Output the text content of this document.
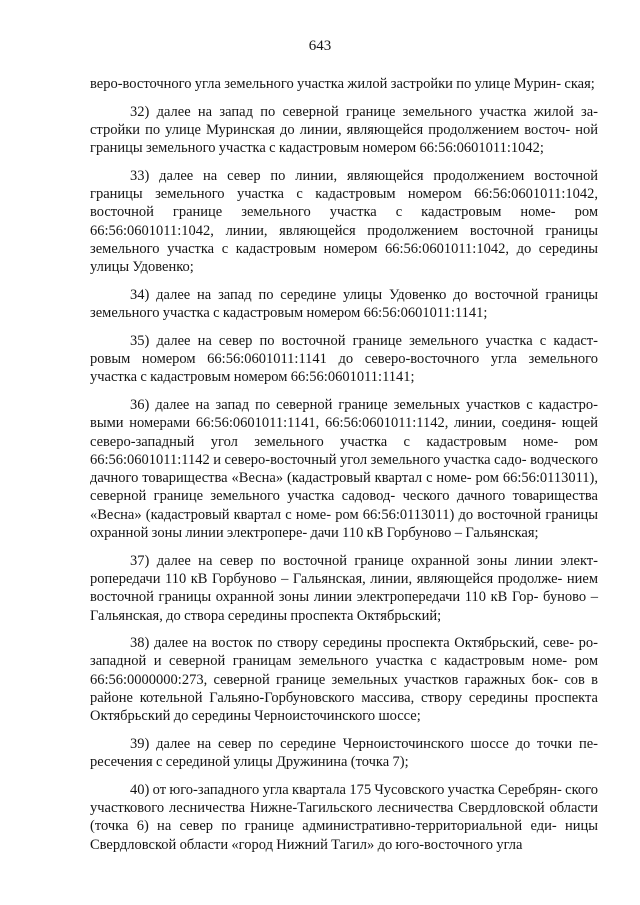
643

веро-восточного угла земельного участка жилой застройки по улице Мурин- ская;

32) далее на запад по северной границе земельного участка жилой за- стройки по улице Муринская до линии, являющейся продолжением восточ- ной границы земельного участка с кадастровым номером 66:56:0601011:1042;

33) далее на север по линии, являющейся продолжением восточной границы земельного участка с кадастровым номером 66:56:0601011:1042, восточной границе земельного участка с кадастровым номе- ром 66:56:0601011:1042, линии, являющейся продолжением восточной границы земельного участка с кадастровым номером 66:56:0601011:1042, до середины улицы Удовенко;

34) далее на запад по середине улицы Удовенко до восточной границы земельного участка с кадастровым номером 66:56:0601011:1141;

35) далее на север по восточной границе земельного участка с кадаст- ровым номером 66:56:0601011:1141 до северо-восточного угла земельного участка с кадастровым номером 66:56:0601011:1141;

36) далее на запад по северной границе земельных участков с кадастро- выми номерами 66:56:0601011:1141, 66:56:0601011:1142, линии, соединя- ющей северо-западный угол земельного участка с кадастровым номе- ром 66:56:0601011:1142 и северо-восточный угол земельного участка садо- водческого дачного товарищества «Весна» (кадастровый квартал с номе- ром 66:56:0113011), северной границе земельного участка садовод- ческого дачного товарищества «Весна» (кадастровый квартал с номе- ром 66:56:0113011) до восточной границы охранной зоны линии электропере- дачи 110 кВ Горбуново – Гальянская;

37) далее на север по восточной границе охранной зоны линии элект- ропередачи 110 кВ Горбуново – Гальянская, линии, являющейся продолже- нием восточной границы охранной зоны линии электропередачи 110 кВ Гор- буново – Гальянская, до створа середины проспекта Октябрьский;

38) далее на восток по створу середины проспекта Октябрьский, севе- ро-западной и северной границам земельного участка с кадастровым номе- ром 66:56:0000000:273, северной границе земельных участков гаражных бок- сов в районе котельной Гальяно-Горбуновского массива, створу середины проспекта Октябрьский до середины Черноисточинского шоссе;

39) далее на север по середине Черноисточинского шоссе до точки пе- ресечения с серединой улицы Дружинина (точка 7);

40) от юго-западного угла квартала 175 Чусовского участка Серебрян- ского участкового лесничества Нижне-Тагильского лесничества Свердловской области (точка 6) на север по границе административно-территориальной еди- ницы Свердловской области «город Нижний Тагил» до юго-восточного угла
